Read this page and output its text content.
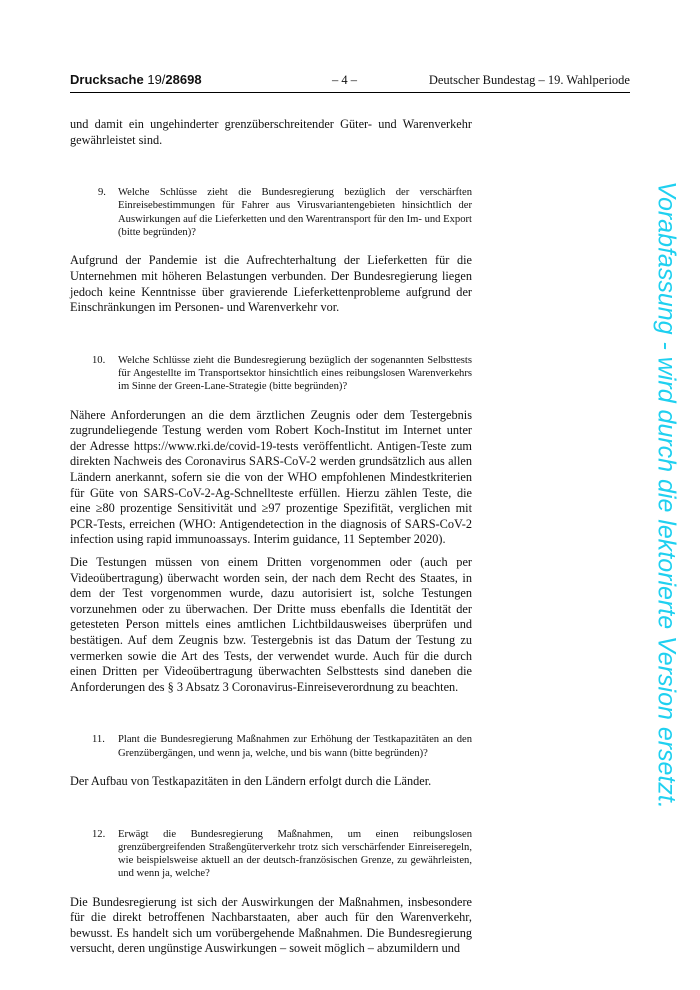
Drucksache 19/28698	– 4 –	Deutscher Bundestag – 19. Wahlperiode

und damit ein ungehinderter grenzüberschreitender Güter- und Warenverkehr gewährleistet sind.

9. Welche Schlüsse zieht die Bundesregierung bezüglich der verschärften Einreisebestimmungen für Fahrer aus Virusvariantengebieten hinsichtlich der Auswirkungen auf die Lieferketten und den Warentransport für den Im- und Export (bitte begründen)?

Aufgrund der Pandemie ist die Aufrechterhaltung der Lieferketten für die Unternehmen mit höheren Belastungen verbunden. Der Bundesregierung liegen jedoch keine Kenntnisse über gravierende Lieferkettenprobleme aufgrund der Einschränkungen im Personen- und Warenverkehr vor.

10. Welche Schlüsse zieht die Bundesregierung bezüglich der sogenannten Selbsttests für Angestellte im Transportsektor hinsichtlich eines reibungslosen Warenverkehrs im Sinne der Green-Lane-Strategie (bitte begründen)?

Nähere Anforderungen an die dem ärztlichen Zeugnis oder dem Testergebnis zugrundeliegende Testung werden vom Robert Koch-Institut im Internet unter der Adresse https://www.rki.de/covid-19-tests veröffentlicht. Antigen-Teste zum direkten Nachweis des Coronavirus SARS-CoV-2 werden grundsätzlich aus allen Ländern anerkannt, sofern sie die von der WHO empfohlenen Mindestkriterien für Güte von SARS-CoV-2-Ag-Schnellteste erfüllen. Hierzu zählen Teste, die eine ≥80 prozentige Sensitivität und ≥97 prozentige Spezifität, verglichen mit PCR-Tests, erreichen (WHO: Antigendetection in the diagnosis of SARS-CoV-2 infection using rapid immunoassays. Interim guidance, 11 September 2020).

Die Testungen müssen von einem Dritten vorgenommen oder (auch per Videoübertragung) überwacht worden sein, der nach dem Recht des Staates, in dem der Test vorgenommen wurde, dazu autorisiert ist, solche Testungen vorzunehmen oder zu überwachen. Der Dritte muss ebenfalls die Identität der getesteten Person mittels eines amtlichen Lichtbildausweises überprüfen und bestätigen. Auf dem Zeugnis bzw. Testergebnis ist das Datum der Testung zu vermerken sowie die Art des Tests, der verwendet wurde. Auch für die durch einen Dritten per Videoübertragung überwachten Selbsttests sind daneben die Anforderungen des § 3 Absatz 3 Coronavirus-Einreiseverordnung zu beachten.

11. Plant die Bundesregierung Maßnahmen zur Erhöhung der Testkapazitäten an den Grenzübergängen, und wenn ja, welche, und bis wann (bitte begründen)?

Der Aufbau von Testkapazitäten in den Ländern erfolgt durch die Länder.

12. Erwägt die Bundesregierung Maßnahmen, um einen reibungslosen grenzübergreifenden Straßengüterverkehr trotz sich verschärfender Einreiseregeln, wie beispielsweise aktuell an der deutsch-französischen Grenze, zu gewährleisten, und wenn ja, welche?

Die Bundesregierung ist sich der Auswirkungen der Maßnahmen, insbesondere für die direkt betroffenen Nachbarstaaten, aber auch für den Warenverkehr, bewusst. Es handelt sich um vorübergehende Maßnahmen. Die Bundesregierung versucht, deren ungünstige Auswirkungen – soweit möglich – abzumildern und

Vorabfassung - wird durch die lektorierte Version ersetzt.
